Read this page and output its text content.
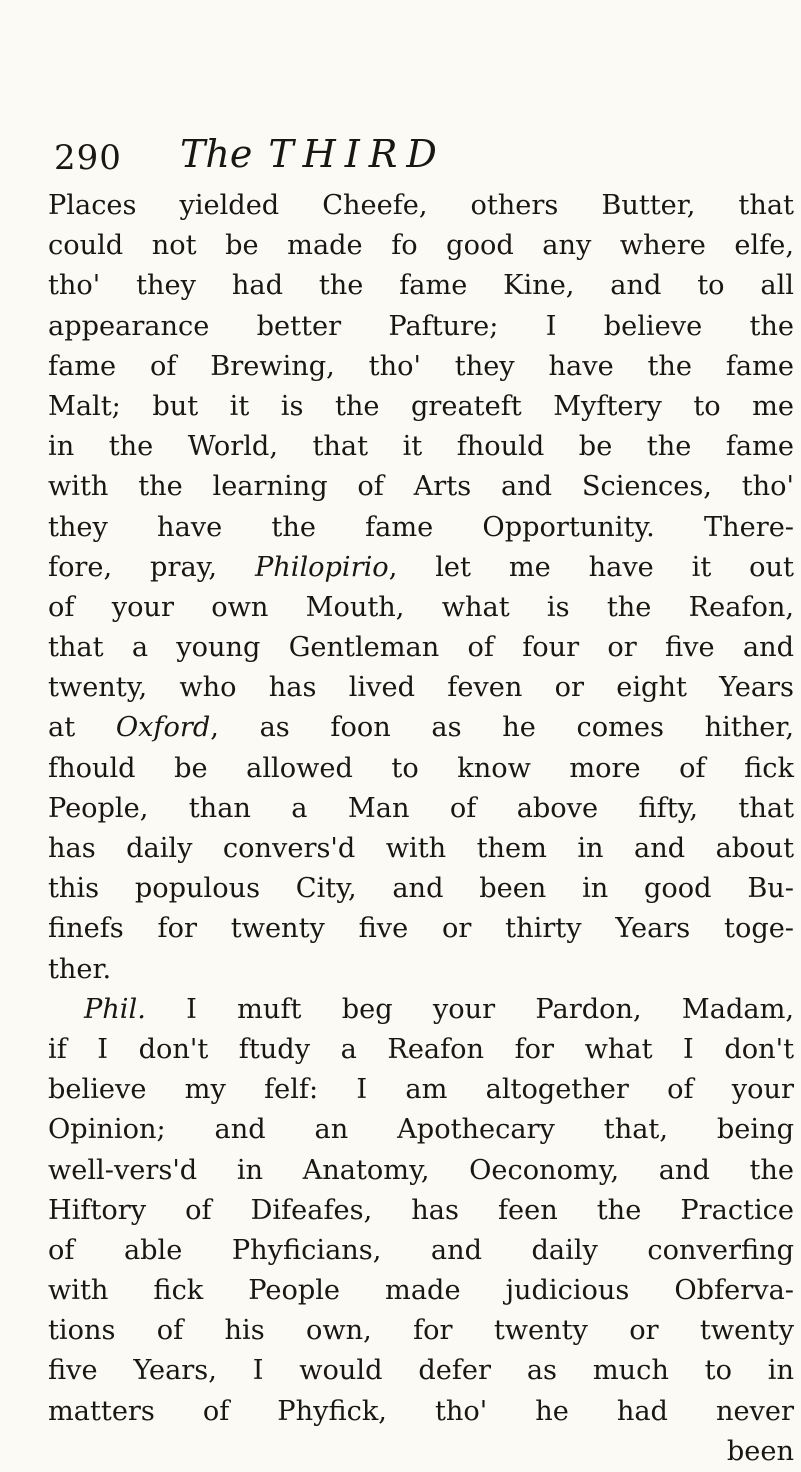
290 The THIRD
Places yielded Cheefe, others Butter, that
could not be made fo good any where elfe,
tho' they had the fame Kine, and to all
appearance better Pafture; I believe the
fame of Brewing, tho' they have the fame
Malt; but it is the greateft Myftery to me
in the World, that it fhould be the fame
with the learning of Arts and Sciences, tho'
they have the fame Opportunity. There-
fore, pray, Philopirio, let me have it out
of your own Mouth, what is the Reafon,
that a young Gentleman of four or five and
twenty, who has lived feven or eight Years
at Oxford, as foon as he comes hither,
fhould be allowed to know more of fick
People, than a Man of above fifty, that
has daily convers'd with them in and about
this populous City, and been in good Bu-
finefs for twenty five or thirty Years toge-
ther.
Phil. I muft beg your Pardon, Madam,
if I don't ftudy a Reafon for what I don't
believe my felf: I am altogether of your
Opinion; and an Apothecary that, being
well-vers'd in Anatomy, Oeconomy, and the
Hiftory of Difeafes, has feen the Practice
of able Phyficians, and daily converfing
with fick People made judicious Obferva-
tions of his own, for twenty or twenty
five Years, I would defer as much to in
matters of Phyfick, tho' he had never
been
